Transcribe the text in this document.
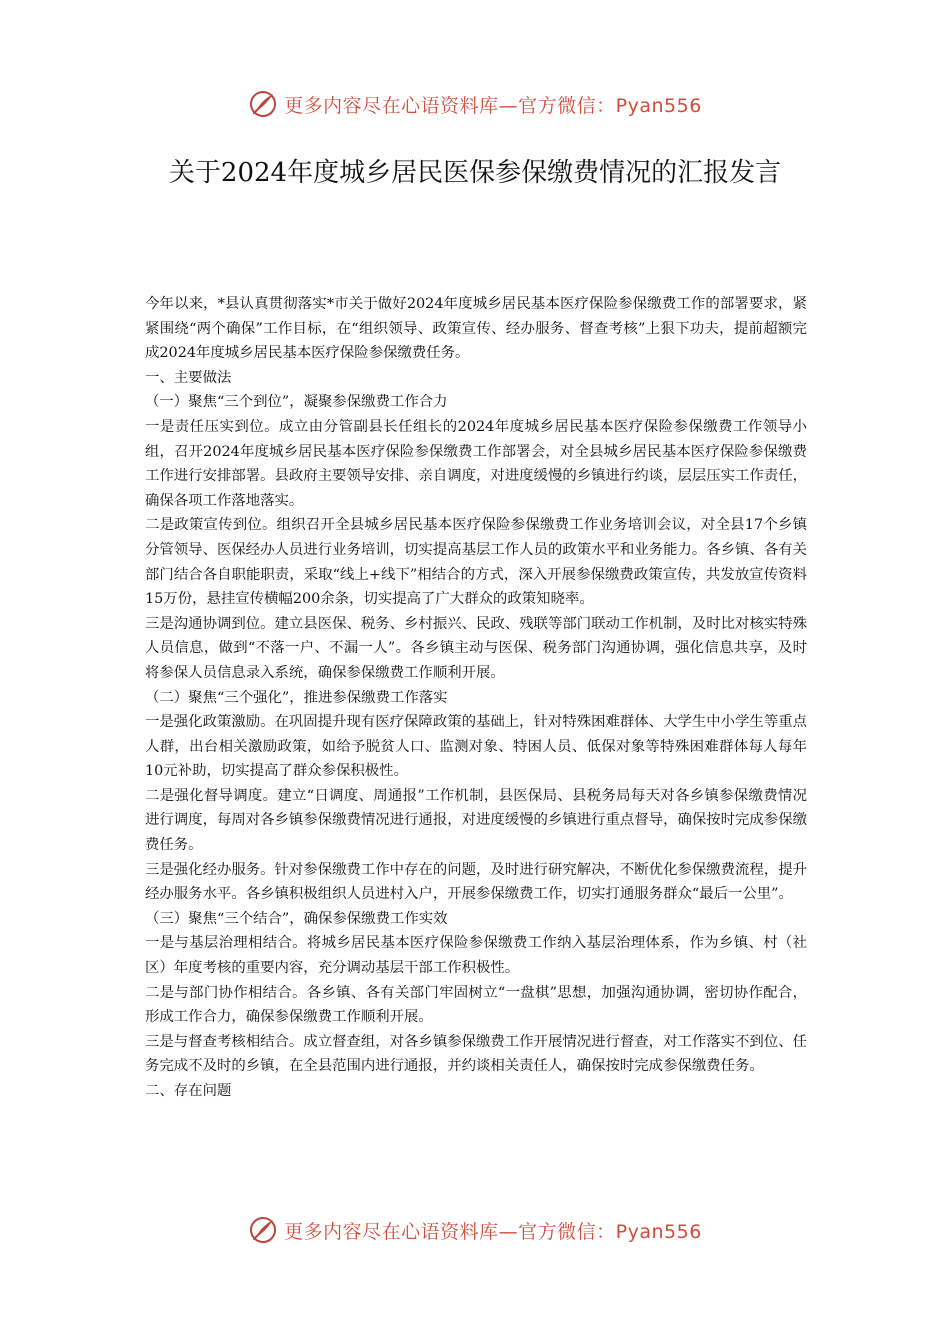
更多内容尽在心语资料库—官方微信：Pyan556
关于2024年度城乡居民医保参保缴费情况的汇报发言

今年以来，*县认真贯彻落实*市关于做好2024年度城乡居民基本医疗保险参保缴费工作的部署要求，紧紧围绕“两个确保”工作目标，在“组织领导、政策宣传、经办服务、督查考核”上狠下功夫，提前超额完成2024年度城乡居民基本医疗保险参保缴费任务。

一、主要做法

（一）聚焦“三个到位”，凝聚参保缴费工作合力

一是责任压实到位。成立由分管副县长任组长的2024年度城乡居民基本医疗保险参保缴费工作领导小组，召开2024年度城乡居民基本医疗保险参保缴费工作部署会，对全县城乡居民基本医疗保险参保缴费工作进行安排部署。县政府主要领导安排、亲自调度，对进度缓慢的乡镇进行约谈，层层压实工作责任，确保各项工作落地落实。

二是政策宣传到位。组织召开全县城乡居民基本医疗保险参保缴费工作业务培训会议，对全县17个乡镇分管领导、医保经办人员进行业务培训，切实提高基层工作人员的政策水平和业务能力。各乡镇、各有关部门结合各自职能职责，采取“线上+线下”相结合的方式，深入开展参保缴费政策宣传，共发放宣传资料15万份，悬挂宣传横幅200余条，切实提高了广大群众的政策知晓率。

三是沟通协调到位。建立县医保、税务、乡村振兴、民政、残联等部门联动工作机制，及时比对核实特殊人员信息，做到“不落一户、不漏一人”。各乡镇主动与医保、税务部门沟通协调，强化信息共享，及时将参保人员信息录入系统，确保参保缴费工作顺利开展。

（二）聚焦“三个强化”，推进参保缴费工作落实

一是强化政策激励。在巩固提升现有医疗保障政策的基础上，针对特殊困难群体、大学生中小学生等重点人群，出台相关激励政策，如给予脱贫人口、监测对象、特困人员、低保对象等特殊困难群体每人每年10元补助，切实提高了群众参保积极性。

二是强化督导调度。建立“日调度、周通报”工作机制，县医保局、县税务局每天对各乡镇参保缴费情况进行调度，每周对各乡镇参保缴费情况进行通报，对进度缓慢的乡镇进行重点督导，确保按时完成参保缴费任务。

三是强化经办服务。针对参保缴费工作中存在的问题，及时进行研究解决，不断优化参保缴费流程，提升经办服务水平。各乡镇积极组织人员进村入户，开展参保缴费工作，切实打通服务群众“最后一公里”。

（三）聚焦“三个结合”，确保参保缴费工作实效

一是与基层治理相结合。将城乡居民基本医疗保险参保缴费工作纳入基层治理体系，作为乡镇、村（社区）年度考核的重要内容，充分调动基层干部工作积极性。

二是与部门协作相结合。各乡镇、各有关部门牢固树立“一盘棋”思想，加强沟通协调，密切协作配合，形成工作合力，确保参保缴费工作顺利开展。

三是与督查考核相结合。成立督查组，对各乡镇参保缴费工作开展情况进行督查，对工作落实不到位、任务完成不及时的乡镇，在全县范围内进行通报，并约谈相关责任人，确保按时完成参保缴费任务。

二、存在问题

更多内容尽在心语资料库—官方微信：Pyan556
